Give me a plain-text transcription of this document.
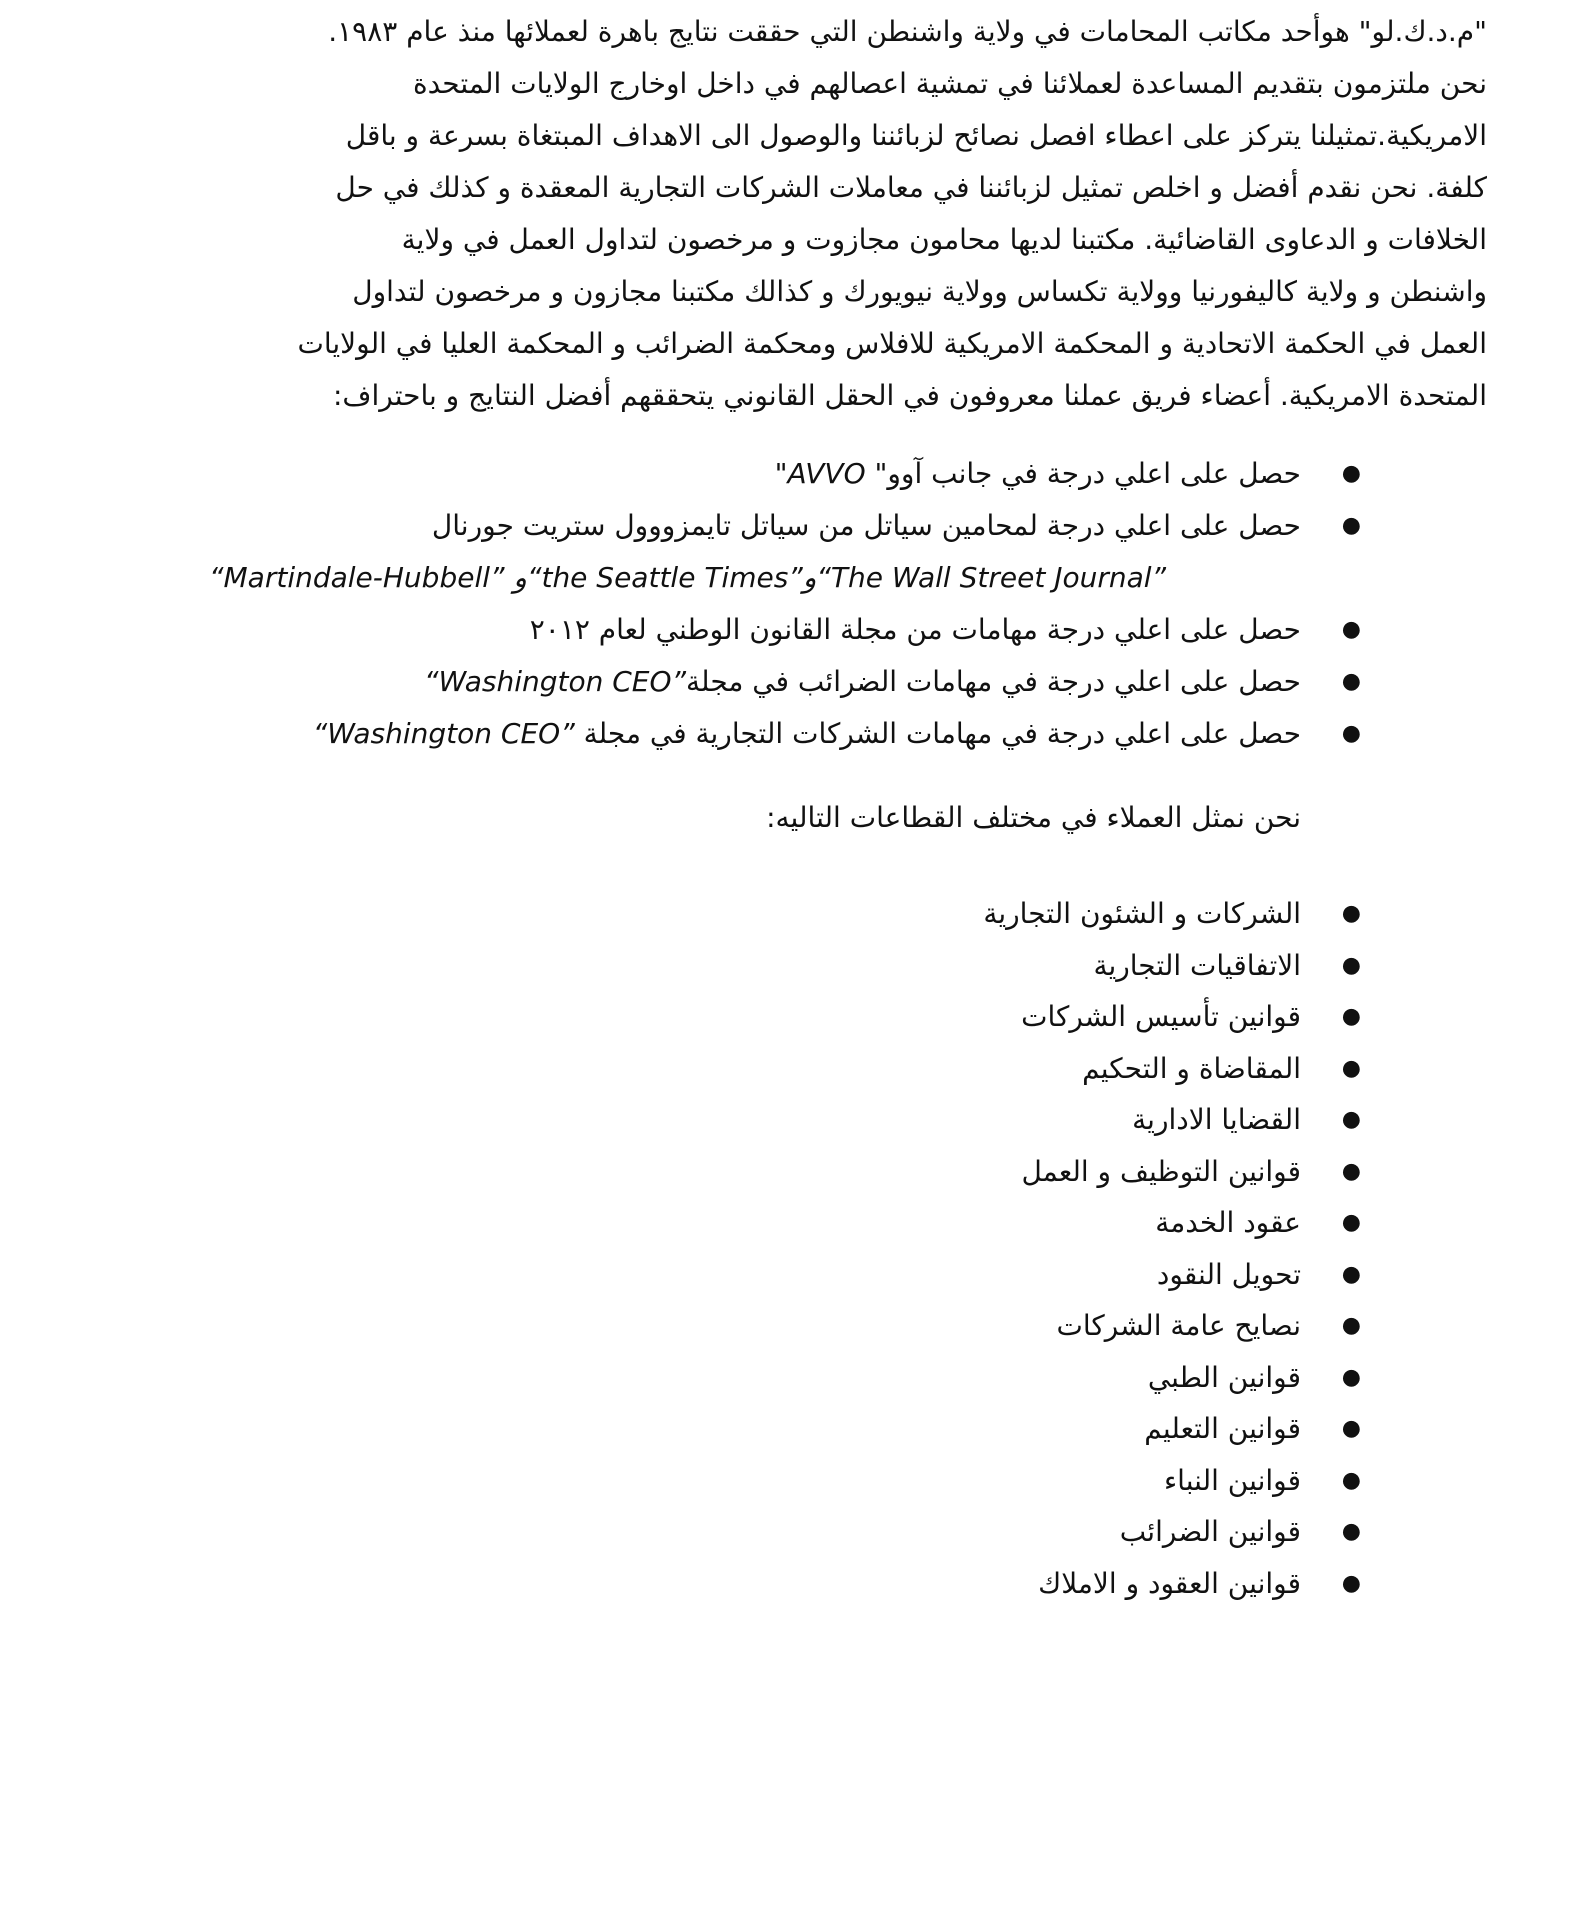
"م.د.ك.لو" هوأحد مكاتب المحامات في ولاية واشنطن التي حققت نتايج باهرة لعملائها منذ عام ١٩٨٣.
نحن ملتزمون بتقديم المساعدة لعملائنا في تمشية اعصالهم في داخل اوخارج الولايات المتحدة
الامريكية.تمثيلنا يتركز على اعطاء افصل نصائح لزبائننا والوصول الى الاهداف المبتغاة بسرعة و باقل
كلفة. نحن نقدم أفضل و اخلص تمثيل لزبائننا في معاملات الشركات التجارية المعقدة و كذلك في حل
الخلافات و الدعاوى القاضائية. مكتبنا لديها محامون مجازوت و مرخصون لتداول العمل في ولاية
واشنطن و ولاية كاليفورنيا وولاية تكساس وولاية نيويورك و كذالك مكتبنا مجازون و مرخصون لتداول
العمل في الحكمة الاتحادية و المحكمة الامريكية للافلاس ومحكمة الضرائب و المحكمة العليا في الولايات
المتحدة الامريكية. أعضاء فريق عملنا معروفون في الحقل القانوني يتحققهم أفضل النتايج و باحتراف:

●
حصل على اعلي درجة في جانب آوو" AVVO"
●
حصل على اعلي درجة لمحامين سياتل من سياتل تايمزووول ستريت جورنال
“Martindale-Hubbell” و“the Seattle Times”و“The Wall Street Journal”
●
حصل على اعلي درجة مهامات من مجلة القانون الوطني لعام ٢٠١٢
●
حصل على اعلي درجة في مهامات الضرائب في مجلة“Washington CEO”
●
حصل على اعلي درجة في مهامات الشركات التجارية في مجلة “Washington CEO”
نحن نمثل العملاء في مختلف القطاعات التاليه:
●
الشركات و الشئون التجارية
●
الاتفاقيات التجارية
●
قوانين تأسيس الشركات
●
المقاضاة و التحكيم
●
القضايا الادارية
●
قوانين التوظيف و العمل
●
عقود الخدمة
●
تحويل النقود
●
نصايح عامة الشركات
●
قوانين الطبي
●
قوانين التعليم
●
قوانين النباء
●
قوانين الضرائب
●
قوانين العقود و الاملاك
